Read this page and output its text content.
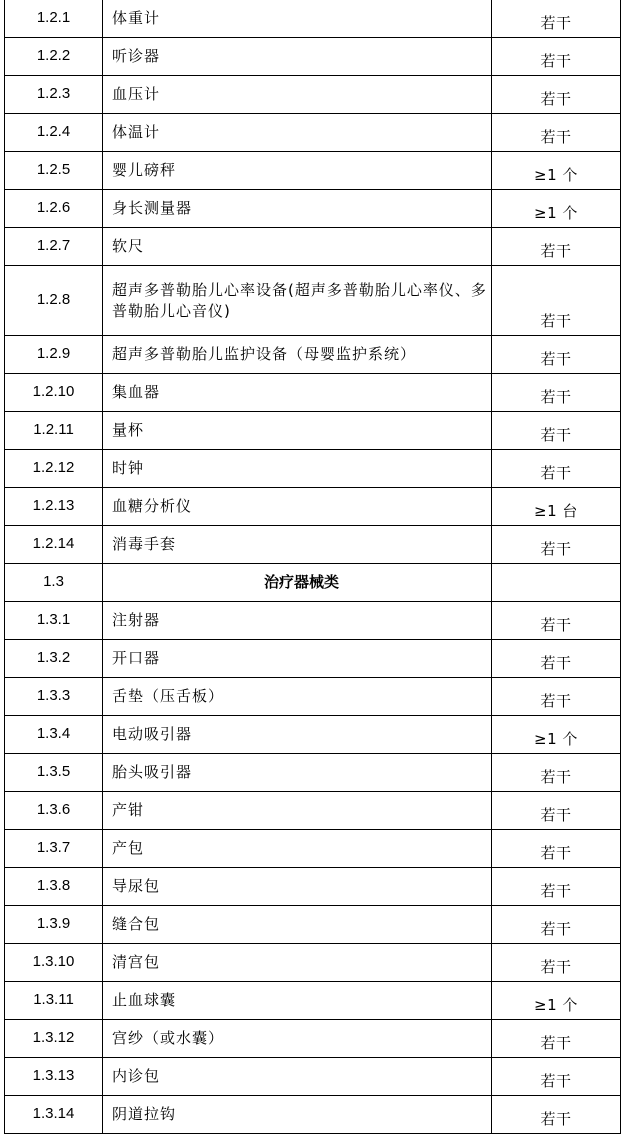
1.2.1	体重计	若干
1.2.2	听诊器	若干
1.2.3	血压计	若干
1.2.4	体温计	若干
1.2.5	婴儿磅秤	≥1 个
1.2.6	身长测量器	≥1 个
1.2.7	软尺	若干
1.2.8	超声多普勒胎儿心率设备(超声多普勒胎儿心率仪、多普勒胎儿心音仪)	若干
1.2.9	超声多普勒胎儿监护设备（母婴监护系统）	若干
1.2.10	集血器	若干
1.2.11	量杯	若干
1.2.12	时钟	若干
1.2.13	血糖分析仪	≥1 台
1.2.14	消毒手套	若干
1.3	治疗器械类	
1.3.1	注射器	若干
1.3.2	开口器	若干
1.3.3	舌垫（压舌板）	若干
1.3.4	电动吸引器	≥1 个
1.3.5	胎头吸引器	若干
1.3.6	产钳	若干
1.3.7	产包	若干
1.3.8	导尿包	若干
1.3.9	缝合包	若干
1.3.10	清宫包	若干
1.3.11	止血球囊	≥1 个
1.3.12	宫纱（或水囊）	若干
1.3.13	内诊包	若干
1.3.14	阴道拉钩	若干
